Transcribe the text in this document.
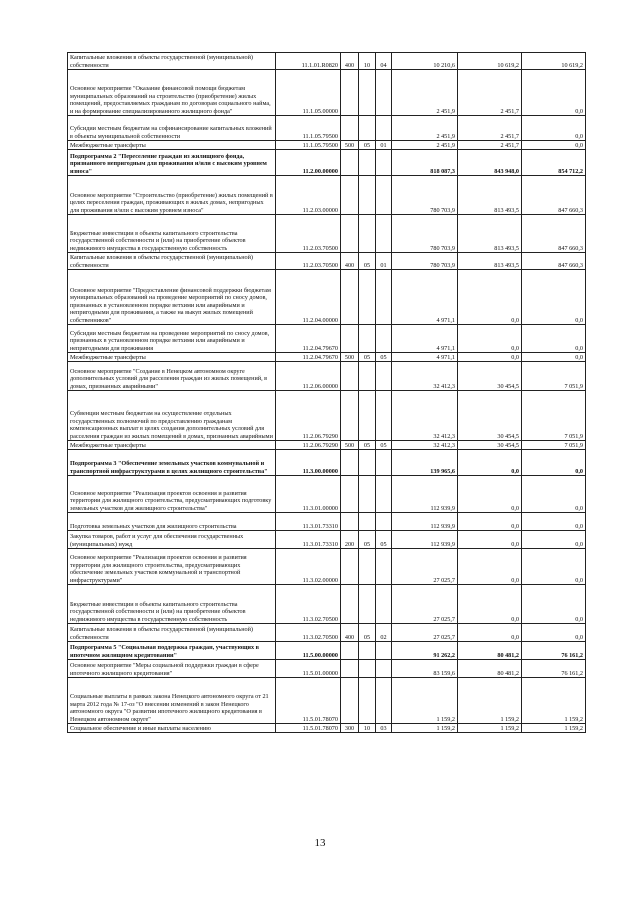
Капитальные вложения в объекты государственной (муниципальной) собственности	11.1.01.R0820	400	10	04	10 210,6	10 619,2	10 619,2
Основное мероприятие "Оказание финансовой помощи бюджетам муниципальных образований на строительство (приобретение) жилых помещений, предоставляемых гражданам по договорам социального найма, и на формирование специализированного жилищного фонда"	11.1.05.00000				2 451,9	2 451,7	0,0
Субсидии местным бюджетам на софинансирование капитальных вложений в объекты муниципальной собственности	11.1.05.79500				2 451,9	2 451,7	0,0
Межбюджетные трансферты	11.1.05.79500	500	05	01	2 451,9	2 451,7	0,0
Подпрограмма 2 "Переселение граждан из жилищного фонда, признанного непригодным для проживания и/или с высоким уровнем износа"	11.2.00.00000				818 087,3	843 948,0	854 712,2
Основное мероприятие "Строительство (приобретение) жилых помещений в целях переселения граждан, проживающих в жилых домах, непригодных для проживания и/или с высоким уровнем износа"	11.2.03.00000				780 703,9	813 493,5	847 660,3
Бюджетные инвестиции в объекты капитального строительства государственной собственности и (или) на приобретение объектов недвижимого имущества в государственную собственность	11.2.03.70500				780 703,9	813 493,5	847 660,3
Капитальные вложения в объекты государственной (муниципальной) собственности	11.2.03.70500	400	05	01	780 703,9	813 493,5	847 660,3
Основное мероприятие "Предоставление финансовой поддержки бюджетам муниципальных образований на проведение мероприятий по сносу домов, признанных в установленном порядке ветхими или аварийными и непригодными для проживания, а также на выкуп жилых помещений собственников"	11.2.04.00000				4 971,1	0,0	0,0
Субсидии местным бюджетам на проведение мероприятий по сносу домов, признанных в установленном порядке ветхими или аварийными и непригодными для проживания	11.2.04.79670				4 971,1	0,0	0,0
Межбюджетные трансферты	11.2.04.79670	500	05	05	4 971,1	0,0	0,0
Основное мероприятие "Создание в Ненецком автономном округе дополнительных условий для расселения граждан из жилых помещений, в домах, признанных аварийными"	11.2.06.00000				32 412,3	30 454,5	7 051,9
Субвенции местным бюджетам на осуществление отдельных государственных полномочий по предоставлению гражданам компенсационных выплат в целях создания дополнительных условий для расселения граждан из жилых помещений в домах, признанных аварийными	11.2.06.79290				32 412,3	30 454,5	7 051,9
Межбюджетные трансферты	11.2.06.79290	500	05	05	32 412,3	30 454,5	7 051,9
Подпрограмма 3 "Обеспечение земельных участков коммунальной и транспортной инфраструктурами в целях жилищного строительства"	11.3.00.00000				139 965,6	0,0	0,0
Основное мероприятие "Реализация проектов освоения и развития территории для жилищного строительства, предусматривающих подготовку земельных участков для жилищного строительства"	11.3.01.00000				112 939,9	0,0	0,0
Подготовка земельных участков для жилищного строительства	11.3.01.73310				112 939,9	0,0	0,0
Закупка товаров, работ и услуг для обеспечения государственных (муниципальных) нужд	11.3.01.73310	200	05	05	112 939,9	0,0	0,0
Основное мероприятие "Реализация проектов освоения и развития территории для жилищного строительства, предусматривающих обеспечение земельных участков коммунальной и транспортной инфраструктурами"	11.3.02.00000				27 025,7	0,0	0,0
Бюджетные инвестиции в объекты капитального строительства государственной собственности и (или) на приобретение объектов недвижимого имущества в государственную собственность	11.3.02.70500				27 025,7	0,0	0,0
Капитальные вложения в объекты государственной (муниципальной) собственности	11.3.02.70500	400	05	02	27 025,7	0,0	0,0
Подпрограмма 5 "Социальная поддержка граждан, участвующих в ипотечном жилищном кредитовании"	11.5.00.00000				91 262,2	80 481,2	76 161,2
Основное мероприятие "Меры социальной поддержки граждан в сфере ипотечного жилищного кредитования"	11.5.01.00000				83 159,6	80 481,2	76 161,2
Социальные выплаты в рамках закона Ненецкого автономного округа от 21 марта 2012 года № 17-оз "О внесении изменений в закон Ненецкого автономного округа "О развитии ипотечного жилищного кредитования в Ненецком автономном округе"	11.5.01.78070				1 159,2	1 159,2	1 159,2
Социальное обеспечение и иные выплаты населению	11.5.01.78070	300	10	03	1 159,2	1 159,2	1 159,2
13
